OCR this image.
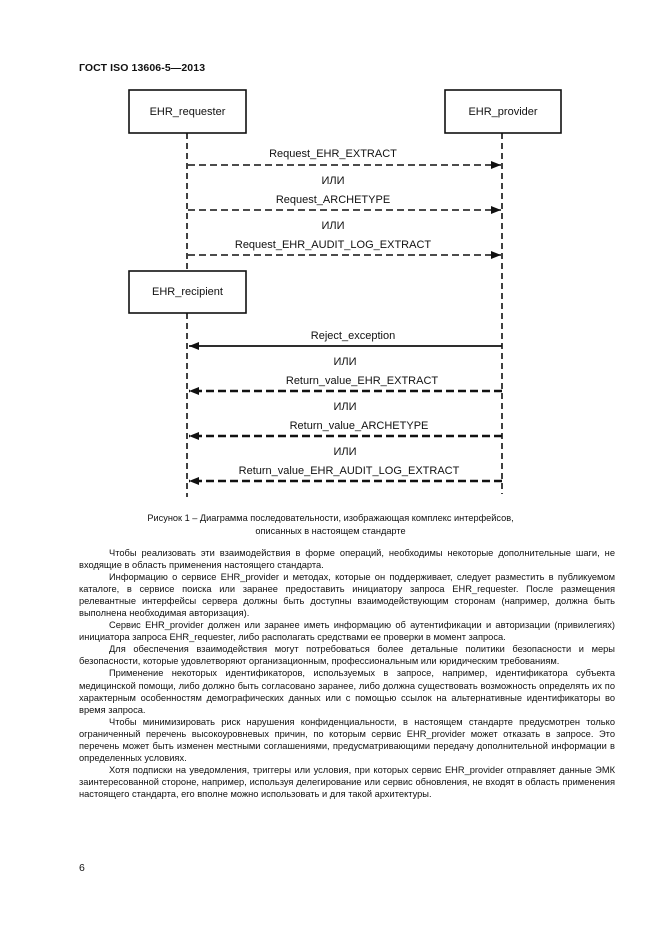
ГОСТ ISO 13606-5—2013
EHR_requester	EHR_provider
EHR_recipient
Request_EHR_EXTRACT
ИЛИ
Request_ARCHETYPE
ИЛИ
Request_EHR_AUDIT_LOG_EXTRACT
Reject_exception
ИЛИ
Return_value_EHR_EXTRACT
ИЛИ
Return_value_ARCHETYPE
ИЛИ
Return_value_EHR_AUDIT_LOG_EXTRACT
Рисунок 1 – Диаграмма последовательности, изображающая комплекс интерфейсов,
описанных в настоящем стандарте

Чтобы реализовать эти взаимодействия в форме операций, необходимы некоторые дополнительные шаги, не входящие в область применения настоящего стандарта.

Информацию о сервисе EHR_provider и методах, которые он поддерживает, следует разместить в публикуемом каталоге, в сервисе поиска или заранее предоставить инициатору запроса EHR_requester. После размещения релевантные интерфейсы сервера должны быть доступны взаимодействующим сторонам (например, должна быть выполнена необходимая авторизация).

Сервис EHR_provider должен или заранее иметь информацию об аутентификации и авторизации (привилегиях) инициатора запроса EHR_requester, либо располагать средствами ее проверки в момент запроса.

Для обеспечения взаимодействия могут потребоваться более детальные политики безопасности и меры безопасности, которые удовлетворяют организационным, профессиональным или юридическим требованиям.

Применение некоторых идентификаторов, используемых в запросе, например, идентификатора субъекта медицинской помощи, либо должно быть согласовано заранее, либо должна существовать возможность определять их по характерным особенностям демографических данных или с помощью ссылок на альтернативные идентификаторы во время запроса.

Чтобы минимизировать риск нарушения конфиденциальности, в настоящем стандарте предусмотрен только ограниченный перечень высокоуровневых причин, по которым сервис EHR_provider может отказать в запросе. Это перечень может быть изменен местными соглашениями, предусматривающими передачу дополнительной информации в определенных условиях.

Хотя подписки на уведомления, триггеры или условия, при которых сервис EHR_provider отправляет данные ЭМК заинтересованной стороне, например, используя делегирование или сервис обновления, не входят в область применения настоящего стандарта, его вполне можно использовать и для такой архитектуры.

6
